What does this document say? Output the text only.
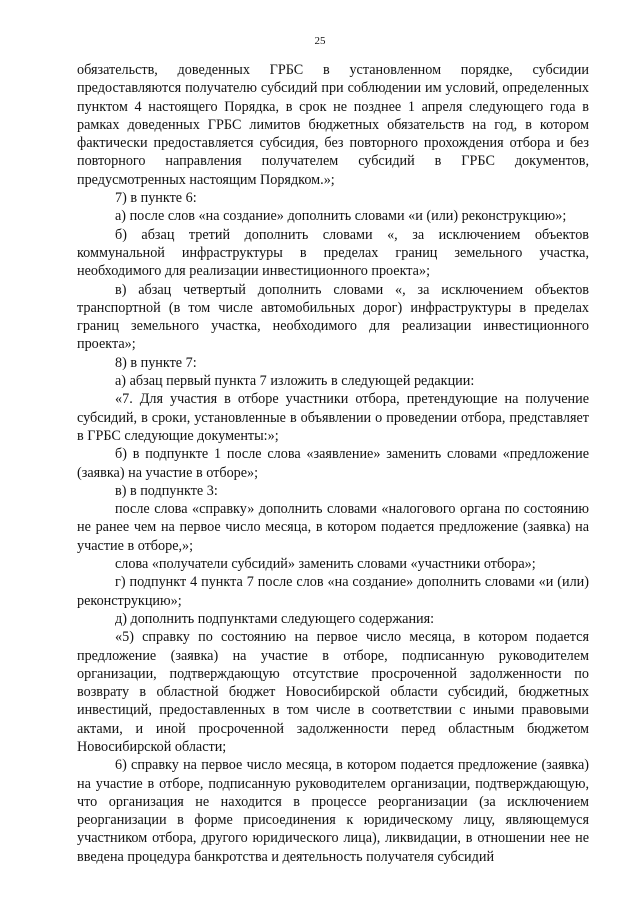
25

обязательств, доведенных ГРБС в установленном порядке, субсидии предоставляются получателю субсидий при соблюдении им условий, определенных пунктом 4 настоящего Порядка, в срок не позднее 1 апреля следующего года в рамках доведенных ГРБС лимитов бюджетных обязательств на год, в котором фактически предоставляется субсидия, без повторного прохождения отбора и без повторного направления получателем субсидий в ГРБС документов, предусмотренных настоящим Порядком.»;

7) в пункте 6:

а) после слов «на создание» дополнить словами «и (или) реконструкцию»;

б) абзац третий дополнить словами «, за исключением объектов коммунальной инфраструктуры в пределах границ земельного участка, необходимого для реализации инвестиционного проекта»;

в) абзац четвертый дополнить словами «, за исключением объектов транспортной (в том числе автомобильных дорог) инфраструктуры в пределах границ земельного участка, необходимого для реализации инвестиционного проекта»;

8) в пункте 7:

а) абзац первый пункта 7 изложить в следующей редакции:

«7. Для участия в отборе участники отбора, претендующие на получение субсидий, в сроки, установленные в объявлении о проведении отбора, представляет в ГРБС следующие документы:»;

б) в подпункте 1 после слова «заявление» заменить словами «предложение (заявка) на участие в отборе»;

в) в подпункте 3:

после слова «справку» дополнить словами «налогового органа по состоянию не ранее чем на первое число месяца, в котором подается предложение (заявка) на участие в отборе,»;

слова «получатели субсидий» заменить словами «участники отбора»;

г) подпункт 4 пункта 7 после слов «на создание» дополнить словами «и (или) реконструкцию»;

д) дополнить подпунктами следующего содержания:

«5) справку по состоянию на первое число месяца, в котором подается предложение (заявка) на участие в отборе, подписанную руководителем организации, подтверждающую отсутствие просроченной задолженности по возврату в областной бюджет Новосибирской области субсидий, бюджетных инвестиций, предоставленных в том числе в соответствии с иными правовыми актами, и иной просроченной задолженности перед областным бюджетом Новосибирской области;

6) справку на первое число месяца, в котором подается предложение (заявка) на участие в отборе, подписанную руководителем организации, подтверждающую, что организация не находится в процессе реорганизации (за исключением реорганизации в форме присоединения к юридическому лицу, являющемуся участником отбора, другого юридического лица), ликвидации, в отношении нее не введена процедура банкротства и деятельность получателя субсидий
